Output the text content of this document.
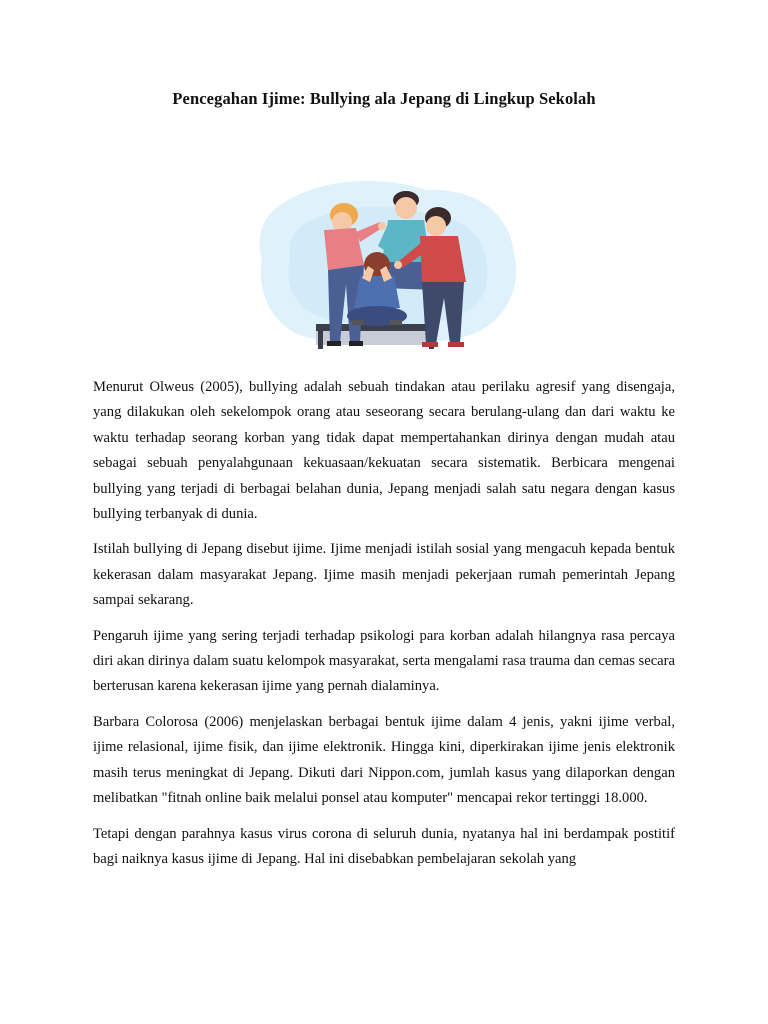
Pencegahan Ijime: Bullying ala Jepang di Lingkup Sekolah

Menurut Olweus (2005), bullying adalah sebuah tindakan atau perilaku agresif yang disengaja, yang dilakukan oleh sekelompok orang atau seseorang secara berulang-ulang dan dari waktu ke waktu terhadap seorang korban yang tidak dapat mempertahankan dirinya dengan mudah atau sebagai sebuah penyalahgunaan kekuasaan/kekuatan secara sistematik. Berbicara mengenai bullying yang terjadi di berbagai belahan dunia, Jepang menjadi salah satu negara dengan kasus bullying terbanyak di dunia.

Istilah bullying di Jepang disebut ijime. Ijime menjadi istilah sosial yang mengacuh kepada bentuk kekerasan dalam masyarakat Jepang. Ijime masih menjadi pekerjaan rumah pemerintah Jepang sampai sekarang.

Pengaruh ijime yang sering terjadi terhadap psikologi para korban adalah hilangnya rasa percaya diri akan dirinya dalam suatu kelompok masyarakat, serta mengalami rasa trauma dan cemas secara berterusan karena kekerasan ijime yang pernah dialaminya.

Barbara Colorosa (2006) menjelaskan berbagai bentuk ijime dalam 4 jenis, yakni ijime verbal, ijime relasional, ijime fisik, dan ijime elektronik. Hingga kini, diperkirakan ijime jenis elektronik masih terus meningkat di Jepang. Dikuti dari Nippon.com, jumlah kasus yang dilaporkan dengan melibatkan "fitnah online baik melalui ponsel atau komputer" mencapai rekor tertinggi 18.000.

Tetapi dengan parahnya kasus virus corona di seluruh dunia, nyatanya hal ini berdampak postitif bagi naiknya kasus ijime di Jepang. Hal ini disebabkan pembelajaran sekolah yang
